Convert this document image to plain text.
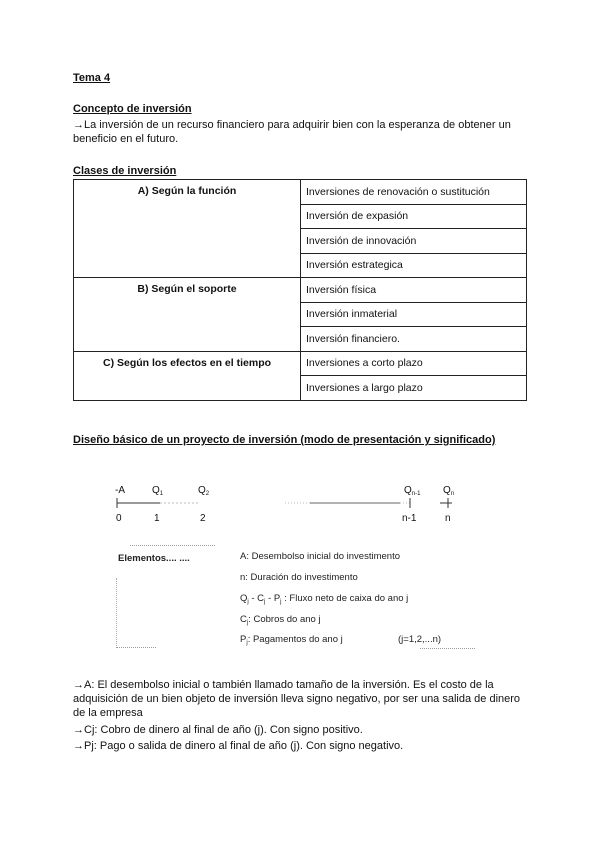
Tema 4
Concepto de inversión
→La inversión de un recurso financiero para adquirir bien con la esperanza de obtener un beneficio en el futuro.
Clases de inversión
A) Según la función	Inversiones de renovación o sustitución
	Inversión de expasión
	Inversión de innovación
	Inversión estrategica
B) Según el soporte	Inversión física
	Inversión inmaterial
	Inversión financiero.
C) Según los efectos en el tiempo	Inversiones a corto plazo
	Inversiones a largo plazo
Diseño básico de un proyecto de inversión (modo de presentación y significado)
-A	$Q_1$	$Q_2$	$Q_{n-1}$ $Q_n$
0	1	2	n-1	n
Elementos.... ....	A: Desembolso inicial do investimento
n: Duración do investimento
$Q_j - C_j - P_j$ : Fluxo neto de caixa do ano j
$C_j$: Cobros do ano j
$P_j$: Pagamentos do ano j	(j=1,2,...n)
→A: El desembolso inicial o también llamado tamaño de la inversión. Es el costo de la adquisición de un bien objeto de inversión lleva signo negativo, por ser una salida de dinero de la empresa
→Cj: Cobro de dinero al final de año (j). Con signo positivo.
→Pj: Pago o salida de dinero al final de año (j). Con signo negativo.
